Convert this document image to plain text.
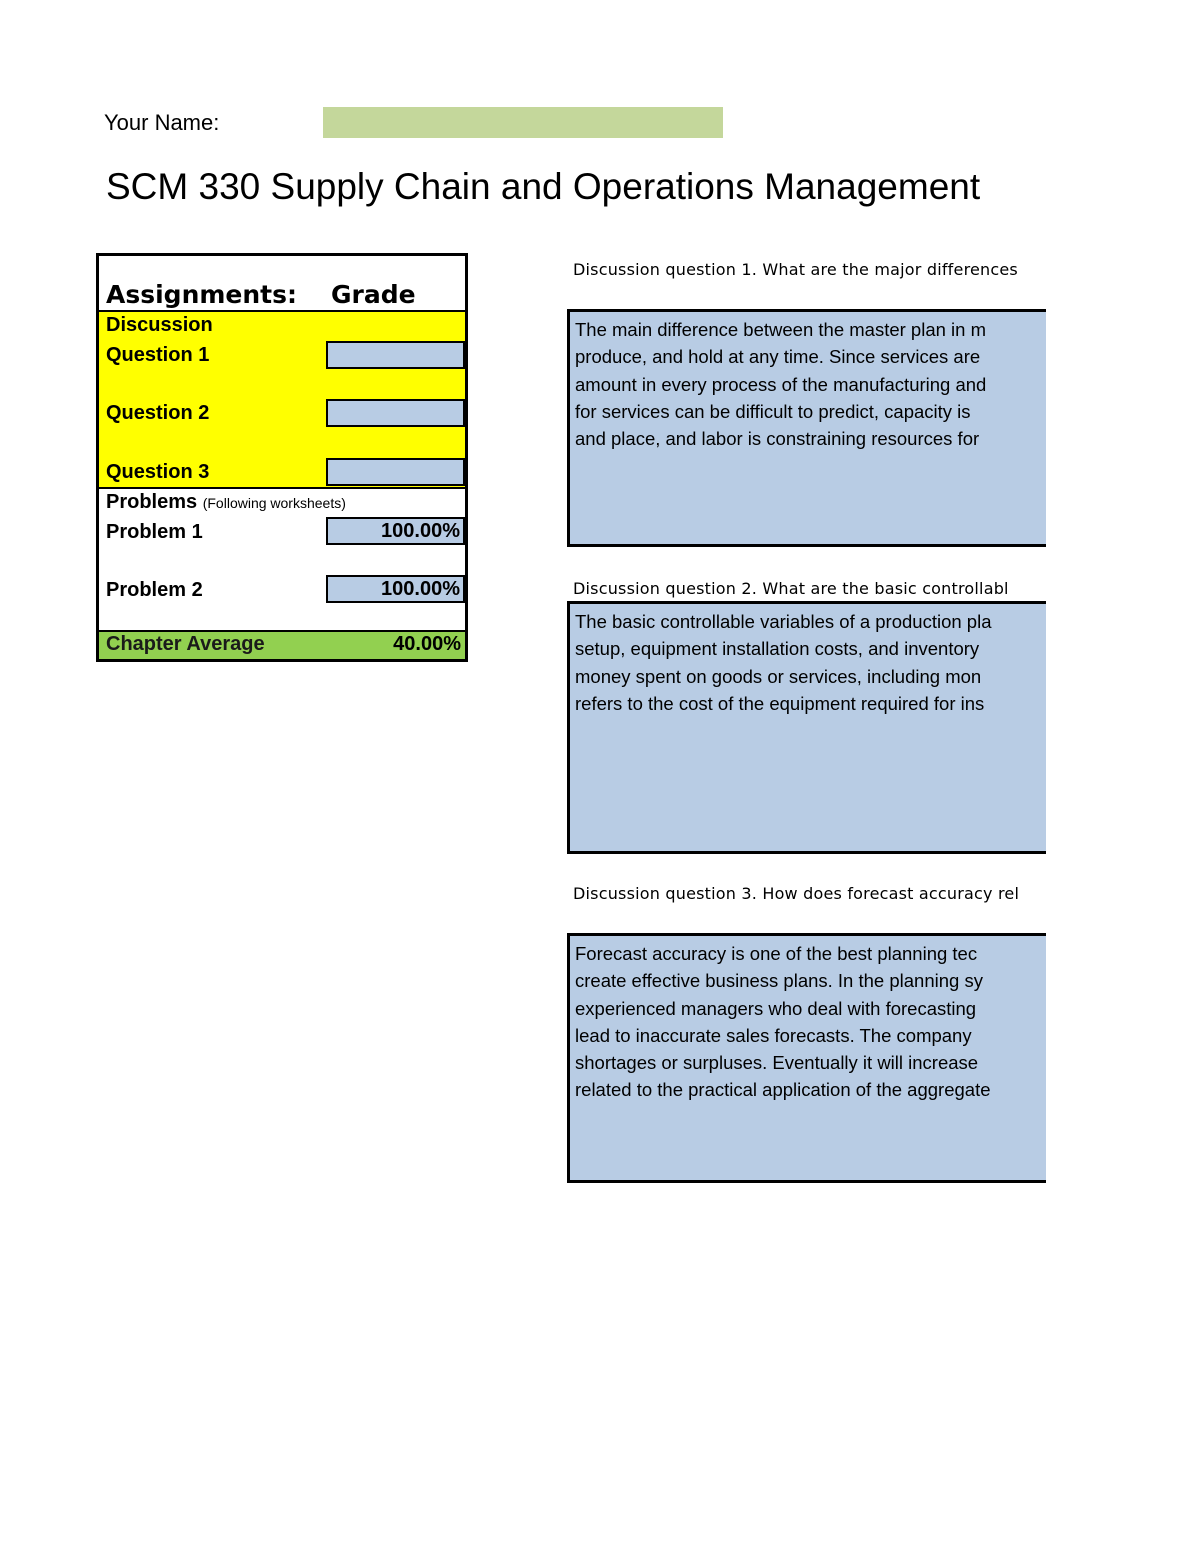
Your Name:
SCM 330 Supply Chain and Operations Management
Assignments: Grade
Discussion
Question 1
Question 2
Question 3
Problems (Following worksheets)
Problem 1	100.00%
Problem 2	100.00%
Chapter Average	40.00%
Discussion question 1. What are the major differences

The main difference between the master plan in m

produce, and hold at any time. Since services are

amount in every process of the manufacturing and

for services can be difficult to predict, capacity is

and place, and labor is constraining resources for

Discussion question 2. What are the basic controllabl

The basic controllable variables of a production pla

setup, equipment installation costs, and inventory

money spent on goods or services, including mon

refers to the cost of the equipment required for ins

Discussion question 3. How does forecast accuracy rel

Forecast accuracy is one of the best planning tec

create effective business plans. In the planning sy

experienced managers who deal with forecasting

lead to inaccurate sales forecasts. The company

shortages or surpluses. Eventually it will increase

related to the practical application of the aggregate
